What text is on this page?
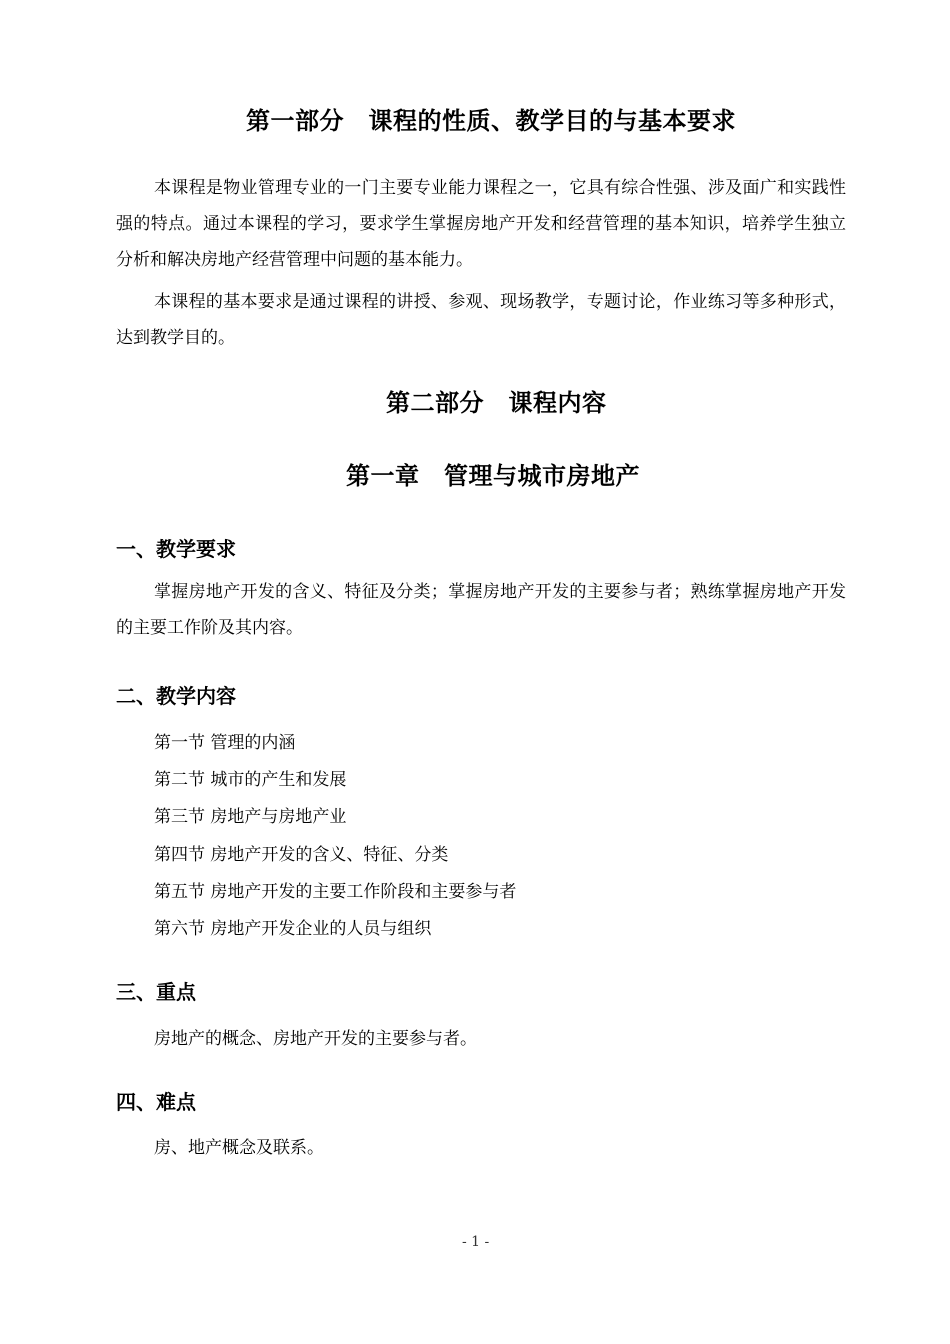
第一部分　课程的性质、教学目的与基本要求
本课程是物业管理专业的一门主要专业能力课程之一，它具有综合性强、涉及面广和实践性强的特点。通过本课程的学习，要求学生掌握房地产开发和经营管理的基本知识，培养学生独立分析和解决房地产经营管理中问题的基本能力。
本课程的基本要求是通过课程的讲授、参观、现场教学，专题讨论，作业练习等多种形式，达到教学目的。
第二部分　课程内容
第一章　管理与城市房地产
一、教学要求
掌握房地产开发的含义、特征及分类；掌握房地产开发的主要参与者；熟练掌握房地产开发的主要工作阶及其内容。
二、教学内容
第一节 管理的内涵
第二节 城市的产生和发展
第三节 房地产与房地产业
第四节 房地产开发的含义、特征、分类
第五节 房地产开发的主要工作阶段和主要参与者
第六节 房地产开发企业的人员与组织
三、重点
房地产的概念、房地产开发的主要参与者。
四、难点
房、地产概念及联系。
- 1 -
